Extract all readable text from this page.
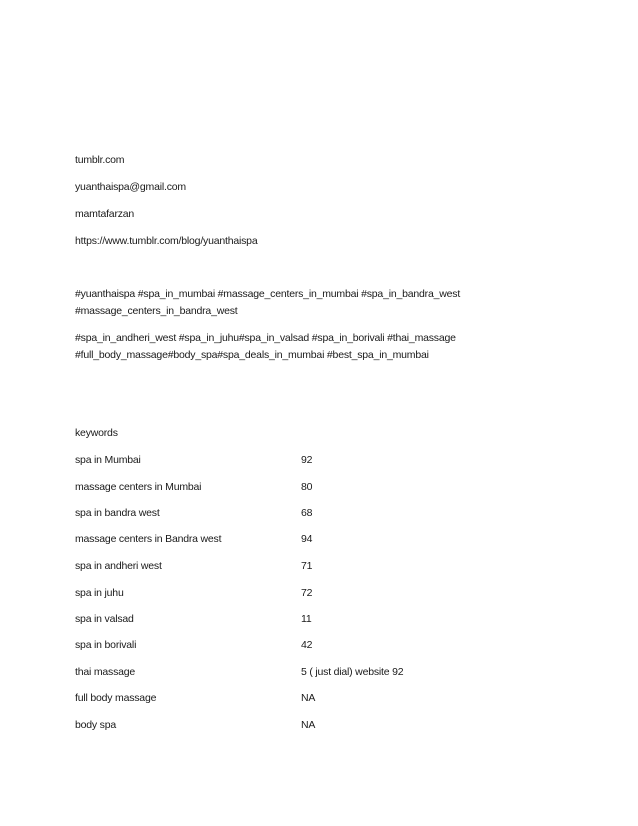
tumblr.com
yuanthaispa@gmail.com
mamtafarzan
https://www.tumblr.com/blog/yuanthaispa
#yuanthaispa #spa_in_mumbai #massage_centers_in_mumbai #spa_in_bandra_west
#massage_centers_in_bandra_west
#spa_in_andheri_west #spa_in_juhu#spa_in_valsad #spa_in_borivali #thai_massage
#full_body_massage#body_spa#spa_deals_in_mumbai #best_spa_in_mumbai
keywords
spa in Mumbai	92
massage centers in Mumbai	80
spa in bandra west	68
massage centers in Bandra west	94
spa in andheri west	71
spa in juhu	72
spa in valsad	11
spa in borivali	42
thai massage	5 ( just dial) website 92
full body massage	NA
body spa	NA
